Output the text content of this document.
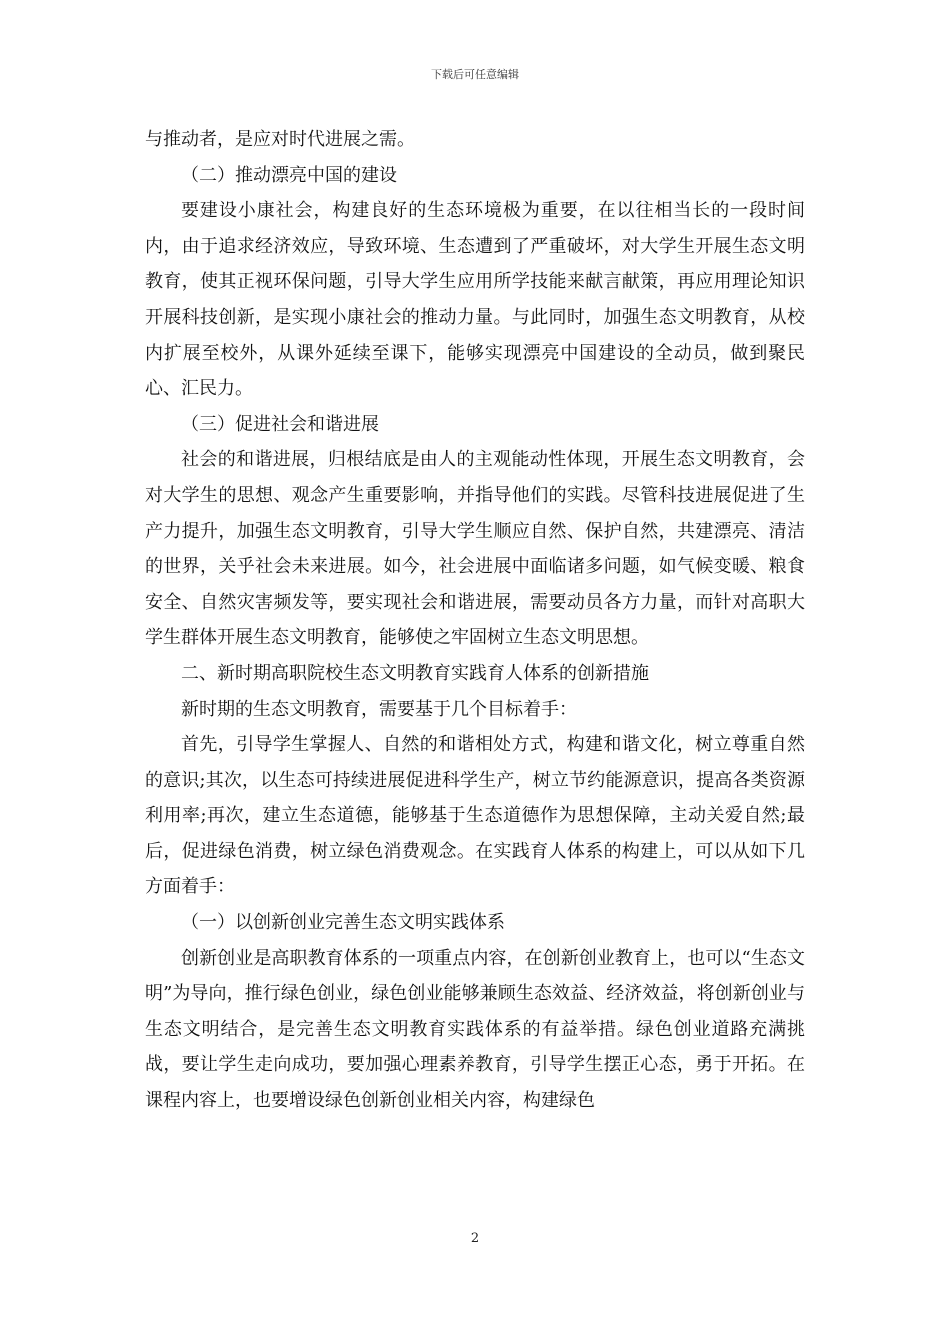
下载后可任意编辑

与推动者，是应对时代进展之需。

（二）推动漂亮中国的建设

要建设小康社会，构建良好的生态环境极为重要，在以往相当长的一段时间内，由于追求经济效应，导致环境、生态遭到了严重破坏，对大学生开展生态文明教育，使其正视环保问题，引导大学生应用所学技能来献言献策，再应用理论知识开展科技创新，是实现小康社会的推动力量。与此同时，加强生态文明教育，从校内扩展至校外，从课外延续至课下，能够实现漂亮中国建设的全动员，做到聚民心、汇民力。

（三）促进社会和谐进展

社会的和谐进展，归根结底是由人的主观能动性体现，开展生态文明教育，会对大学生的思想、观念产生重要影响，并指导他们的实践。尽管科技进展促进了生产力提升，加强生态文明教育，引导大学生顺应自然、保护自然，共建漂亮、清洁的世界，关乎社会未来进展。如今，社会进展中面临诸多问题，如气候变暖、粮食安全、自然灾害频发等，要实现社会和谐进展，需要动员各方力量，而针对高职大学生群体开展生态文明教育，能够使之牢固树立生态文明思想。

二、新时期高职院校生态文明教育实践育人体系的创新措施

新时期的生态文明教育，需要基于几个目标着手：

首先，引导学生掌握人、自然的和谐相处方式，构建和谐文化，树立尊重自然的意识;其次，以生态可持续进展促进科学生产，树立节约能源意识，提高各类资源利用率;再次，建立生态道德，能够基于生态道德作为思想保障，主动关爱自然;最后，促进绿色消费，树立绿色消费观念。在实践育人体系的构建上，可以从如下几方面着手：

（一）以创新创业完善生态文明实践体系

创新创业是高职教育体系的一项重点内容，在创新创业教育上，也可以“生态文明”为导向，推行绿色创业，绿色创业能够兼顾生态效益、经济效益，将创新创业与生态文明结合，是完善生态文明教育实践体系的有益举措。绿色创业道路充满挑战，要让学生走向成功，要加强心理素养教育，引导学生摆正心态，勇于开拓。在课程内容上，也要增设绿色创新创业相关内容，构建绿色

2
